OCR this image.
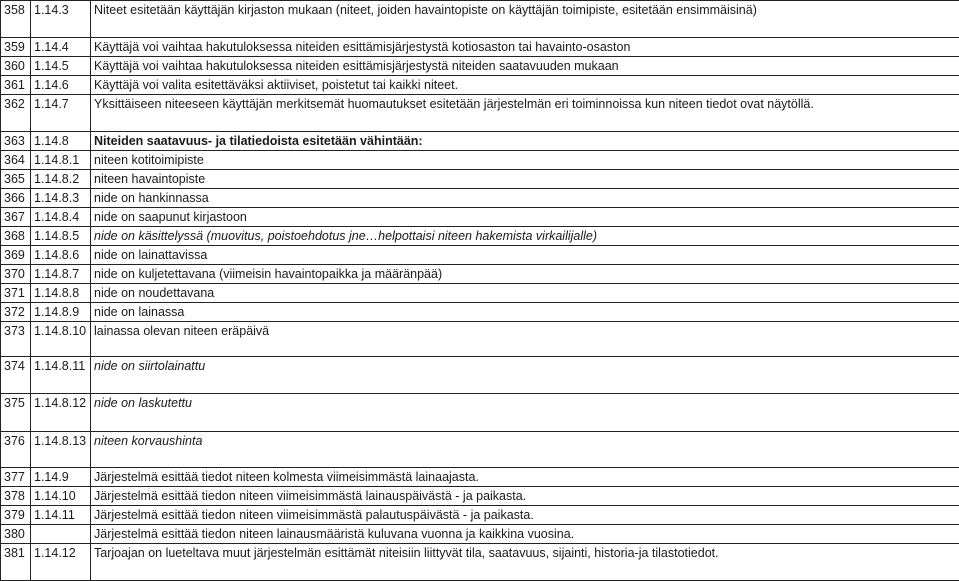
358	1.14.3	Niteet esitetään käyttäjän kirjaston mukaan (niteet, joiden havaintopiste on käyttäjän toimipiste, esitetään ensimmäisinä)
359	1.14.4	Käyttäjä voi vaihtaa hakutuloksessa niteiden esittämisjärjestystä kotiosaston tai havainto-osaston
360	1.14.5	Käyttäjä voi vaihtaa hakutuloksessa niteiden esittämisjärjestystä niteiden saatavuuden mukaan
361	1.14.6	Käyttäjä voi valita esitettäväksi aktiiviset, poistetut tai kaikki niteet.
362	1.14.7	Yksittäiseen niteeseen käyttäjän merkitsemät huomautukset esitetään järjestelmän eri toiminnoissa kun niteen tiedot ovat näytöllä.
363	1.14.8	Niteiden saatavuus- ja tilatiedoista esitetään vähintään:
364	1.14.8.1	niteen kotitoimipiste
365	1.14.8.2	niteen havaintopiste
366	1.14.8.3	nide on hankinnassa
367	1.14.8.4	nide on saapunut kirjastoon
368	1.14.8.5	nide on käsittelyssä (muovitus, poistoehdotus jne…helpottaisi niteen hakemista virkailijalle)
369	1.14.8.6	nide on lainattavissa
370	1.14.8.7	nide on kuljetettavana (viimeisin havaintopaikka ja määränpää)
371	1.14.8.8	nide on noudettavana
372	1.14.8.9	nide on lainassa
373	1.14.8.10	lainassa olevan niteen eräpäivä
374	1.14.8.11	nide on siirtolainattu
375	1.14.8.12	nide on laskutettu
376	1.14.8.13	niteen korvaushinta
377	1.14.9	Järjestelmä esittää tiedot niteen kolmesta viimeisimmästä lainaajasta.
378	1.14.10	Järjestelmä esittää tiedon niteen viimeisimmästä lainauspäivästä - ja paikasta.
379	1.14.11	Järjestelmä esittää tiedon niteen viimeisimmästä palautuspäivästä - ja paikasta.
380		Järjestelmä esittää tiedon niteen lainausmääristä kuluvana vuonna ja kaikkina vuosina.
381	1.14.12	Tarjoajan on lueteltava muut järjestelmän esittämät niteisiin liittyvät tila, saatavuus, sijainti, historia-ja tilastotiedot.
